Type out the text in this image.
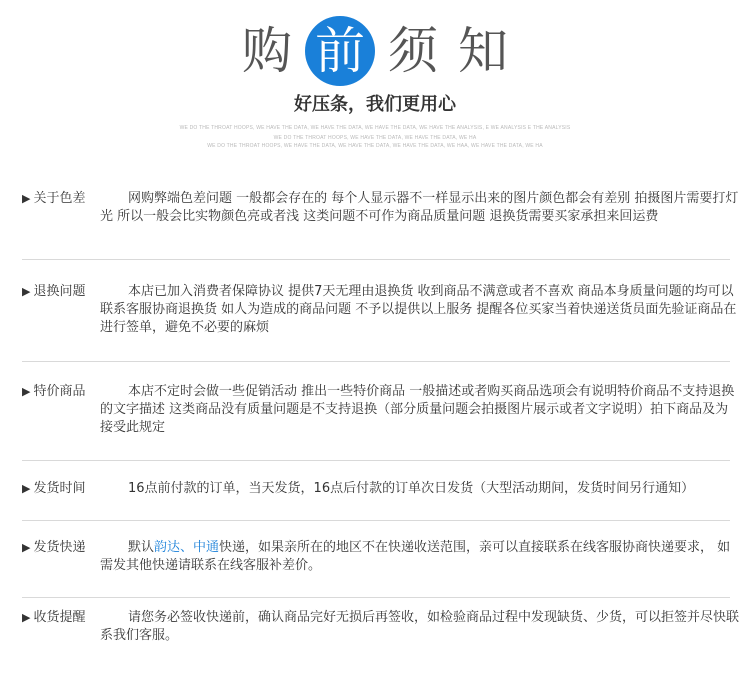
购 前 须 知
好压条，我们更用心
WE DO THE THROAT HOOPS, WE HAVE THE DATA, WE HAVE THE DATA, WE HAVE THE DATA, WE HAVE THE ANALYSIS, E WE ANALYSIS E THE ANALYSIS
WE DO THE THROAT HOOPS, WE HAVE THE DATA, WE HAVE THE DATA, WE HA
WE DO THE THROAT HOOPS, WE HAVE THE DATA, WE HAVE THE DATA, WE HAVE THE DATA, WE HAA, WE HAVE THE DATA, WE HA
▶ 关于色差	网购弊端色差问题 一般都会存在的 每个人显示器不一样显示出来的图片颜色都会有差别 拍摄图片需要打灯光 所以一般会比实物颜色亮或者浅 这类问题不可作为商品质量问题 退换货需要买家承担来回运费
▶ 退换问题	本店已加入消费者保障协议 提供7天无理由退换货 收到商品不满意或者不喜欢 商品本身质量问题的均可以联系客服协商退换货 如人为造成的商品问题 不予以提供以上服务 提醒各位买家当着快递送货员面先验证商品在进行签单，避免不必要的麻烦
▶ 特价商品	本店不定时会做一些促销活动 推出一些特价商品 一般描述或者购买商品选项会有说明特价商品不支持退换的文字描述 这类商品没有质量问题是不支持退换（部分质量问题会拍摄图片展示或者文字说明）拍下商品及为接受此规定
▶ 发货时间	16点前付款的订单，当天发货，16点后付款的订单次日发货（大型活动期间，发货时间另行通知）
▶ 发货快递	默认韵达、中通快递，如果亲所在的地区不在快递收送范围，亲可以直接联系在线客服协商快递要求， 如需发其他快递请联系在线客服补差价。
▶ 收货提醒	请您务必签收快递前，确认商品完好无损后再签收，如检验商品过程中发现缺货、少货，可以拒签并尽快联系我们客服。
